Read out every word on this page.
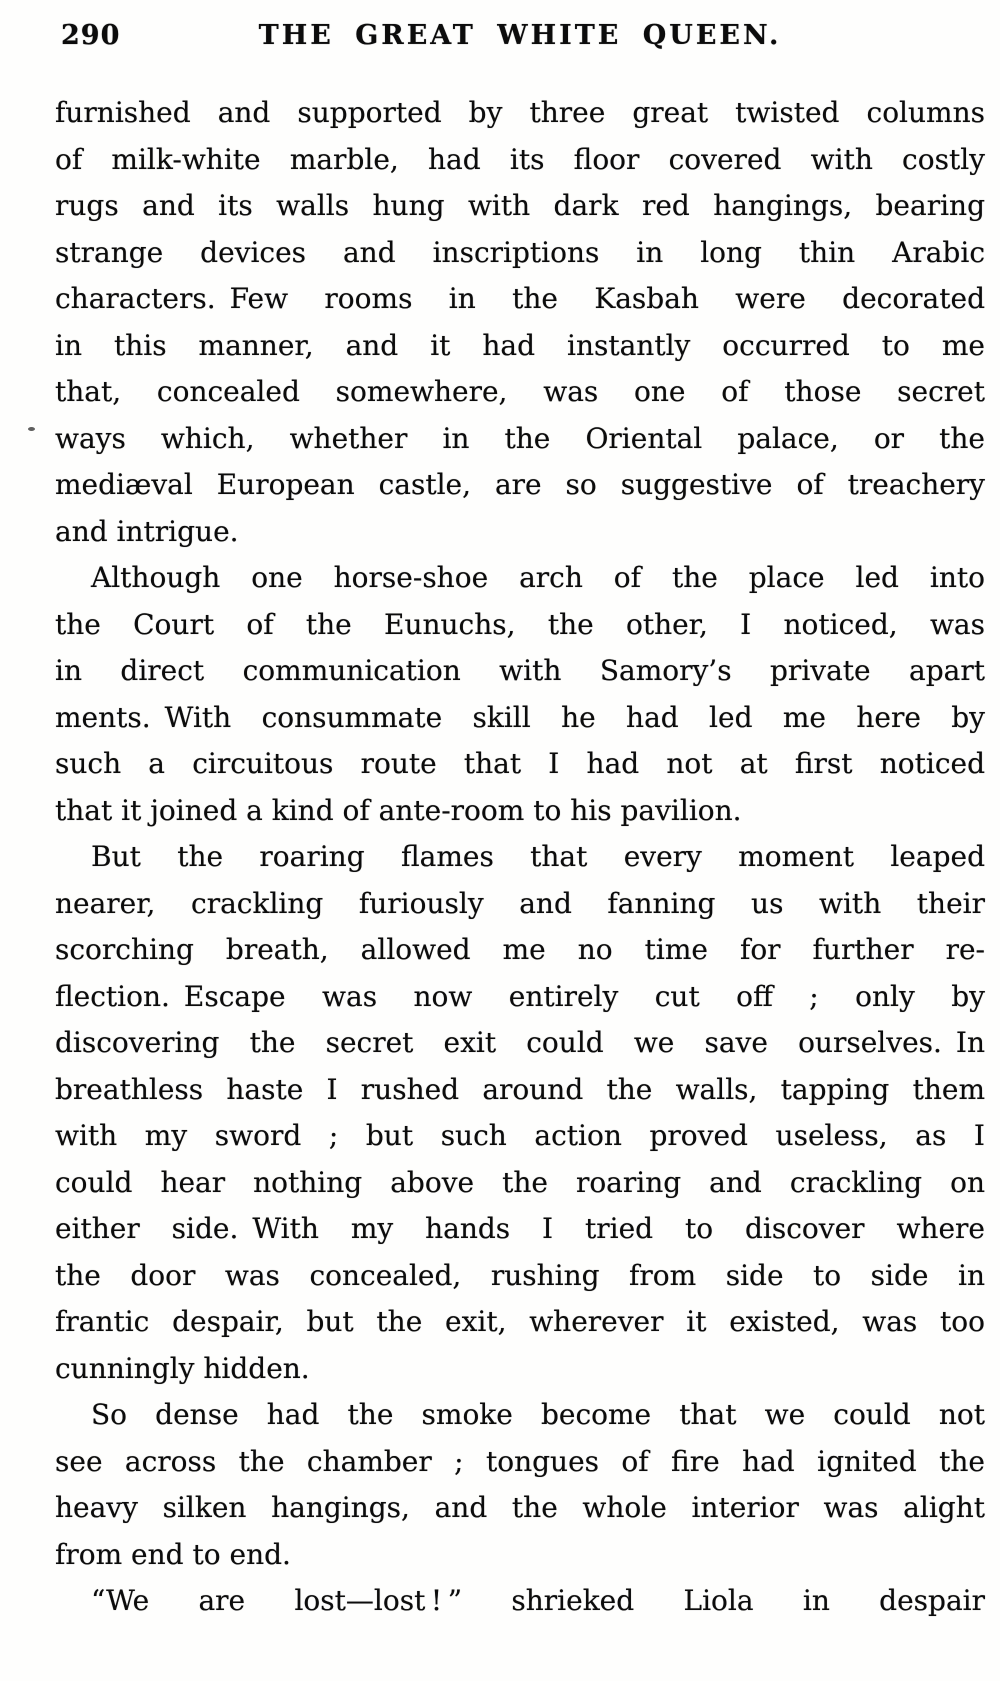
290	THE GREAT WHITE QUEEN.
furnished and supported by three great twisted columns
of milk-white marble, had its floor covered with costly
rugs and its walls hung with dark red hangings, bearing
strange devices and inscriptions in long thin Arabic
characters. Few rooms in the Kasbah were decorated
in this manner, and it had instantly occurred to me
that, concealed somewhere, was one of those secret
ways which, whether in the Oriental palace, or the
mediæval European castle, are so suggestive of treachery
and intrigue.
Although one horse-shoe arch of the place led into
the Court of the Eunuchs, the other, I noticed, was
in direct communication with Samory’s private apart
ments. With consummate skill he had led me here by
such a circuitous route that I had not at first noticed
that it joined a kind of ante-room to his pavilion.
But the roaring flames that every moment leaped
nearer, crackling furiously and fanning us with their
scorching breath, allowed me no time for further re-
flection. Escape was now entirely cut off ; only by
discovering the secret exit could we save ourselves. In
breathless haste I rushed around the walls, tapping them
with my sword ; but such action proved useless, as I
could hear nothing above the roaring and crackling on
either side. With my hands I tried to discover where
the door was concealed, rushing from side to side in
frantic despair, but the exit, wherever it existed, was too
cunningly hidden.
So dense had the smoke become that we could not
see across the chamber ; tongues of fire had ignited the
heavy silken hangings, and the whole interior was alight
from end to end.
“We are lost—lost ! ” shrieked Liola in despair
